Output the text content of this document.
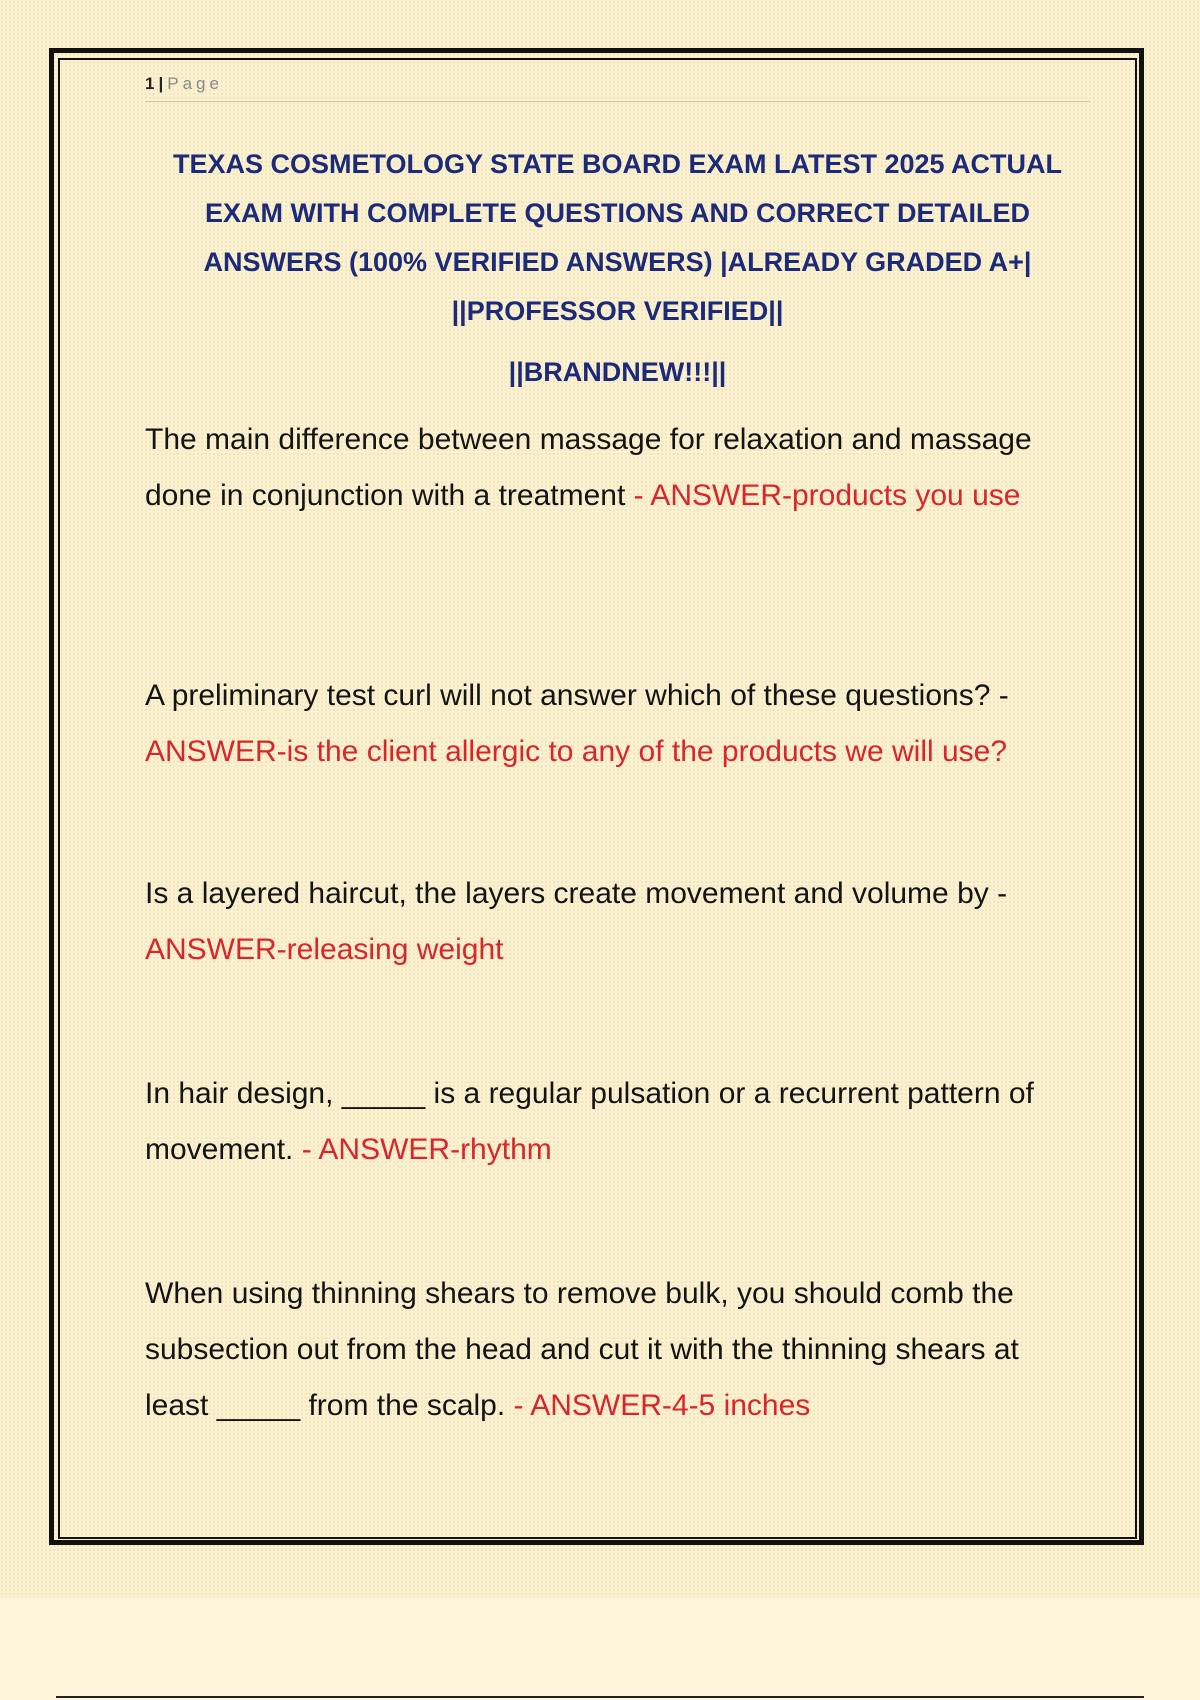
1 | Page
TEXAS COSMETOLOGY STATE BOARD EXAM LATEST 2025 ACTUAL
EXAM WITH COMPLETE QUESTIONS AND CORRECT DETAILED
ANSWERS (100% VERIFIED ANSWERS) |ALREADY GRADED A+|
||PROFESSOR VERIFIED||
||BRANDNEW!!!||
The main difference between massage for relaxation and massage done in conjunction with a treatment - ANSWER-products you use
A preliminary test curl will not answer which of these questions? - ANSWER-is the client allergic to any of the products we will use?
Is a layered haircut, the layers create movement and volume by - ANSWER-releasing weight
In hair design, _____ is a regular pulsation or a recurrent pattern of movement. - ANSWER-rhythm
When using thinning shears to remove bulk, you should comb the subsection out from the head and cut it with the thinning shears at least _____ from the scalp. - ANSWER-4-5 inches
